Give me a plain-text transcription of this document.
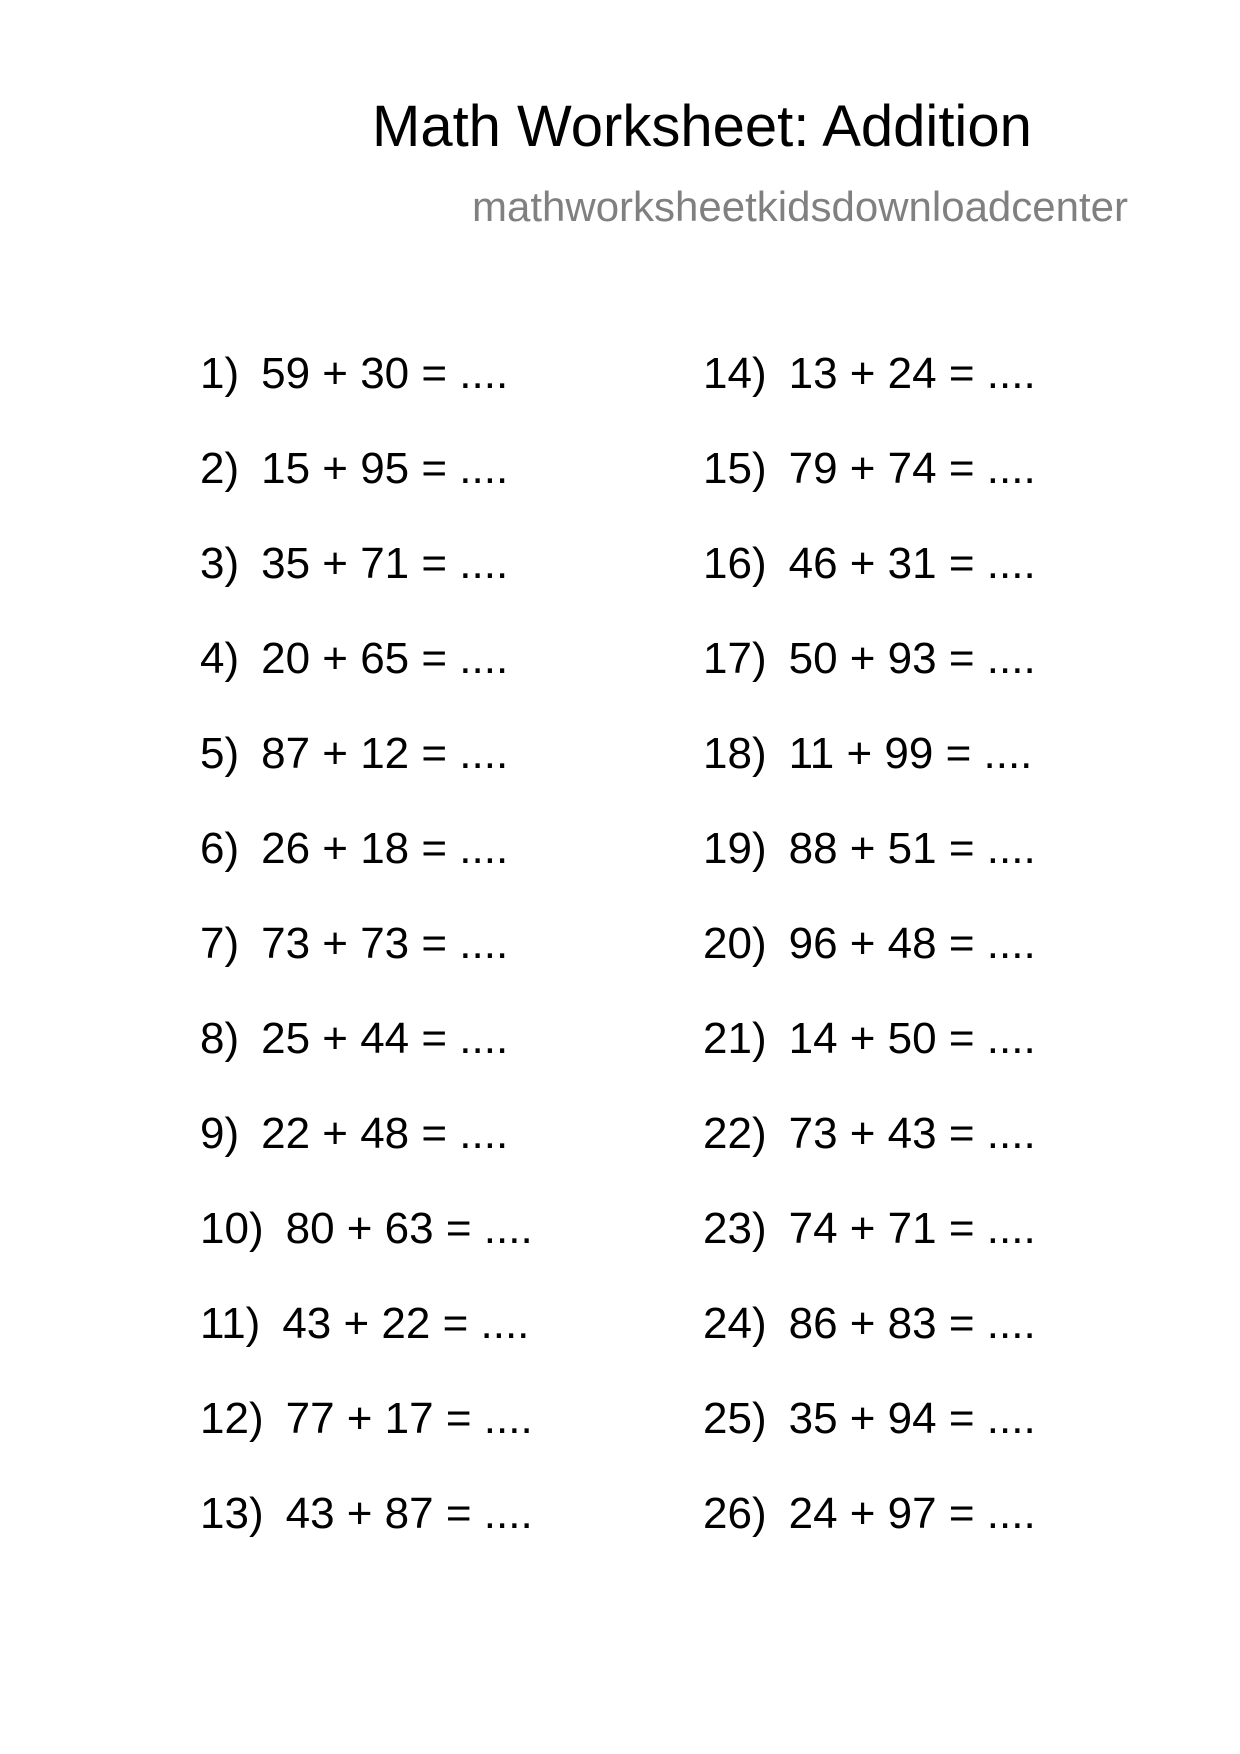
Math Worksheet: Addition
mathworksheetkidsdownloadcenter
1) 59 + 30 = ....
2) 15 + 95 = ....
3) 35 + 71 = ....
4) 20 + 65 = ....
5) 87 + 12 = ....
6) 26 + 18 = ....
7) 73 + 73 = ....
8) 25 + 44 = ....
9) 22 + 48 = ....
10) 80 + 63 = ....
11) 43 + 22 = ....
12) 77 + 17 = ....
13) 43 + 87 = ....
14) 13 + 24 = ....
15) 79 + 74 = ....
16) 46 + 31 = ....
17) 50 + 93 = ....
18) 11 + 99 = ....
19) 88 + 51 = ....
20) 96 + 48 = ....
21) 14 + 50 = ....
22) 73 + 43 = ....
23) 74 + 71 = ....
24) 86 + 83 = ....
25) 35 + 94 = ....
26) 24 + 97 = ....
